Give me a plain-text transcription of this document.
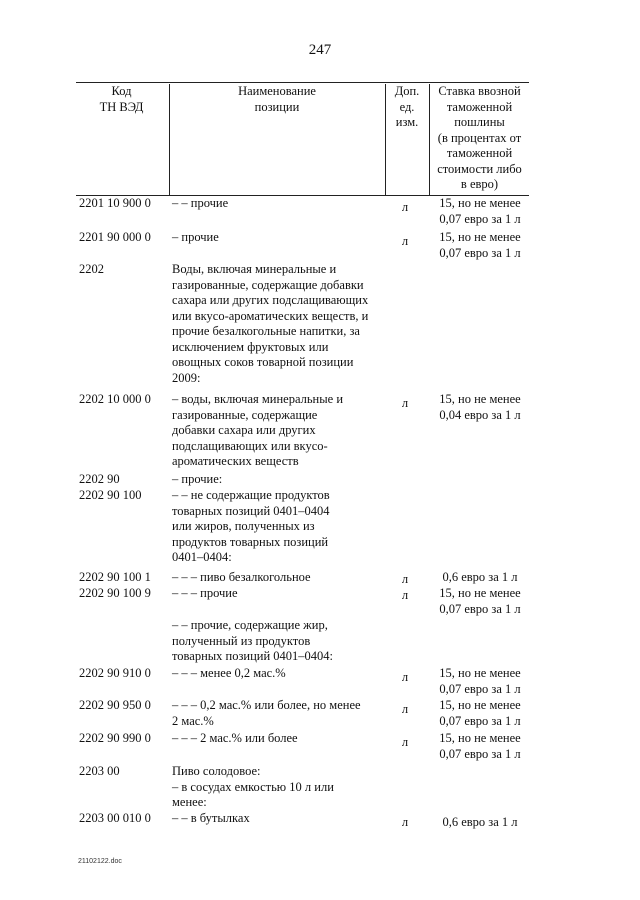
247
Код
ТН ВЭД
Наименование
позиции
Доп.
ед.
изм.
Ставка ввозной
таможенной
пошлины
(в процентах от
таможенной
стоимости либо
в евро)
2201 10 900 0 – – прочие	л	15, но не менее
0,07 евро за 1 л
2201 90 000 0 – прочие	л	15, но не менее
0,07 евро за 1 л
2202	Воды, включая минеральные и
газированные, содержащие добавки
сахара или других подслащивающих
или вкусо-ароматических веществ, и
прочие безалкогольные напитки, за
исключением фруктовых или
овощных соков товарной позиции
2009:
2202 10 000 0 – воды, включая минеральные и
газированные, содержащие
добавки сахара или других
подслащивающих или вкусо-
ароматических веществ
л	15, но не менее
0,04 евро за 1 л
2202 90	– прочие:
2202 90 100 – – не содержащие продуктов
товарных позиций 0401–0404
или жиров, полученных из
продуктов товарных позиций
0401–0404:
2202 90 100 1 – – – пиво безалкогольное	л	0,6 евро за 1 л
2202 90 100 9 – – – прочие	л	15, но не менее
0,07 евро за 1 л
– – прочие, содержащие жир,
полученный из продуктов
товарных позиций 0401–0404:
2202 90 910 0 – – – менее 0,2 мас.%	л	15, но не менее
0,07 евро за 1 л
2202 90 950 0 – – – 0,2 мас.% или более, но менее
2 мас.%
л	15, но не менее
0,07 евро за 1 л
2202 90 990 0 – – – 2 мас.% или более	л	15, но не менее
0,07 евро за 1 л
2203 00	Пиво солодовое:
– в сосудах емкостью 10 л или
менее:
2203 00 010 0 – – в бутылках	л	0,6 евро за 1 л
21102122.doc
